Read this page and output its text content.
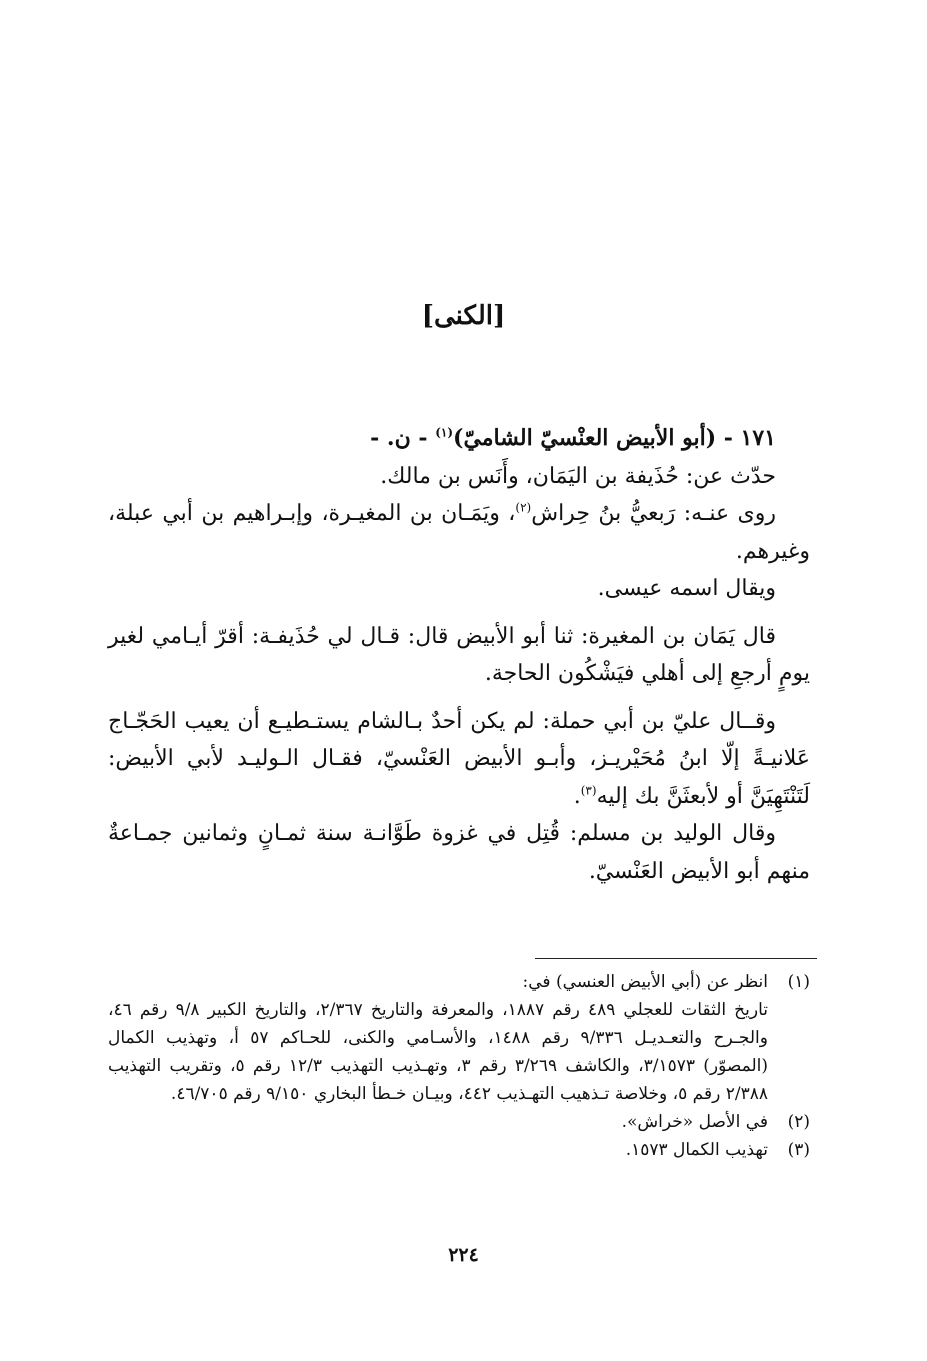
[الكنى]

١٧١ - (أبو الأبيض العنْسيّ الشاميّ)$^{(١)}$ - ن. -

حدّث عن: حُذَيفة بن اليَمَان، وأَنَس بن مالك.

روى عنـه: رَبعيُّ بنُ حِراش$^{(٢)}$، ويَمَـان بن المغيـرة، وإبـراهيم بن أبي عبلة، وغيرهم.

ويقال اسمه عيسى.

قال يَمَان بن المغيرة: ثنا أبو الأبيض قال: قـال لي حُذَيفـة: أقرّ أيـامي لغير يومٍ أرجعِ إلى أهلي فيَشْكُون الحاجة.

وقــال عليّ بن أبي حملة: لم يكن أحدٌ بـالشام يستـطيـع أن يعيب الحَجّـاج عَلانيـةً إلّا ابنُ مُحَيْريـز، وأبـو الأبيض العَنْسيّ، فقـال الـوليـد لأبي الأبيض: لَتَنْتَهِيَنَّ أو لأبعثَنَّ بك إليه$^{(٣)}$.

وقال الوليد بن مسلم: قُتِل في غزوة طَوَّانـة سنة ثمـانٍ وثمانين جمـاعةٌ منهم أبو الأبيض العَنْسيّ.

(١)

انظر عن (أبي الأبيض العنسي) في:

تاريخ الثقات للعجلي ٤٨٩ رقم ١٨٨٧، والمعرفة والتاريخ ٢/٣٦٧، والتاريخ الكبير ٩/٨ رقم ٤٦، والجـرح والتعـديـل ٩/٣٣٦ رقم ١٤٨٨، والأسـامي والكنى، للحـاكم ٥٧ أ، وتهذيب الكمال (المصوّر) ٣/١٥٧٣، والكاشف ٣/٢٦٩ رقم ٣، وتهـذيب التهذيب ١٢/٣ رقم ٥، وتقريب التهذيب ٢/٣٨٨ رقم ٥، وخلاصة تـذهيب التهـذيب ٤٤٢، وبيـان خـطأ البخاري ٩/١٥٠ رقم ٤٦/٧٠٥.

(٢)

في الأصل «خراش».

(٣)

تهذيب الكمال ١٥٧٣.

٢٢٤
